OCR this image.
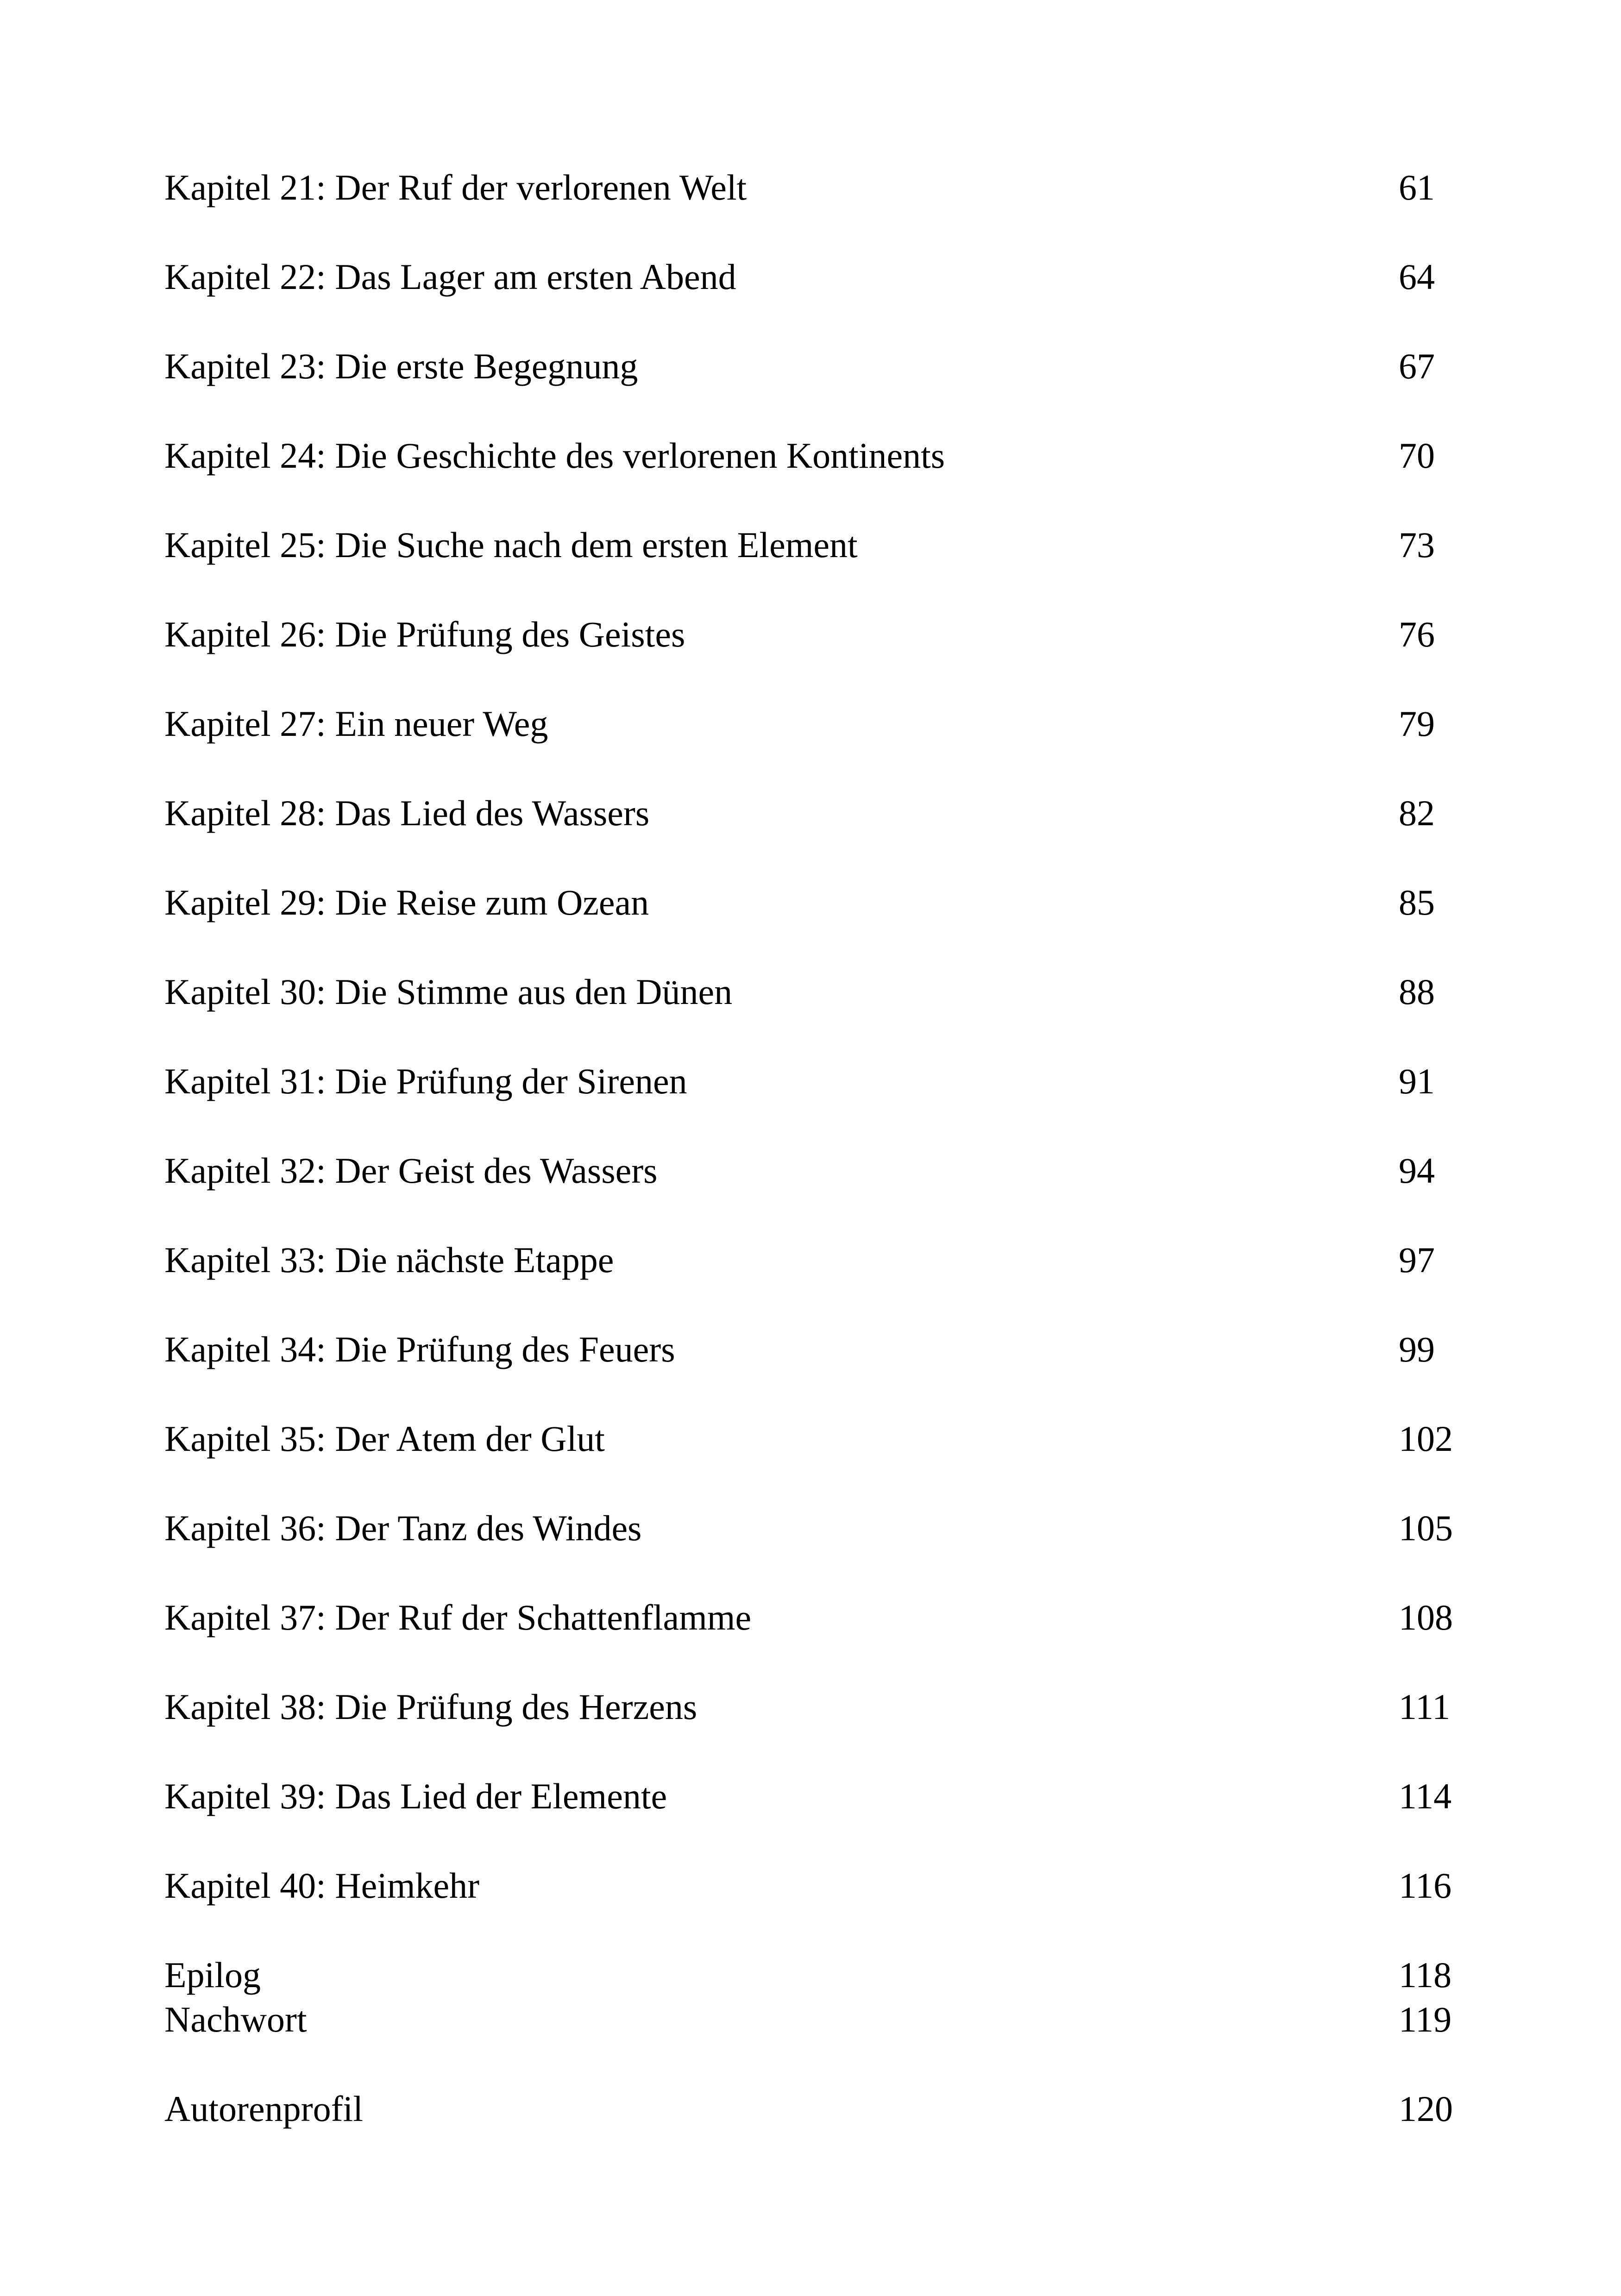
Kapitel 21: Der Ruf der verlorenen Welt	61
Kapitel 22: Das Lager am ersten Abend	64
Kapitel 23: Die erste Begegnung	67
Kapitel 24: Die Geschichte des verlorenen Kontinents	70
Kapitel 25: Die Suche nach dem ersten Element	73
Kapitel 26: Die Prüfung des Geistes	76
Kapitel 27: Ein neuer Weg	79
Kapitel 28: Das Lied des Wassers	82
Kapitel 29: Die Reise zum Ozean	85
Kapitel 30: Die Stimme aus den Dünen	88
Kapitel 31: Die Prüfung der Sirenen	91
Kapitel 32: Der Geist des Wassers	94
Kapitel 33: Die nächste Etappe	97
Kapitel 34: Die Prüfung des Feuers	99
Kapitel 35: Der Atem der Glut	102
Kapitel 36: Der Tanz des Windes	105
Kapitel 37: Der Ruf der Schattenflamme	108
Kapitel 38: Die Prüfung des Herzens	111
Kapitel 39: Das Lied der Elemente	114
Kapitel 40: Heimkehr	116
Epilog	118
Nachwort	119
Autorenprofil	120
